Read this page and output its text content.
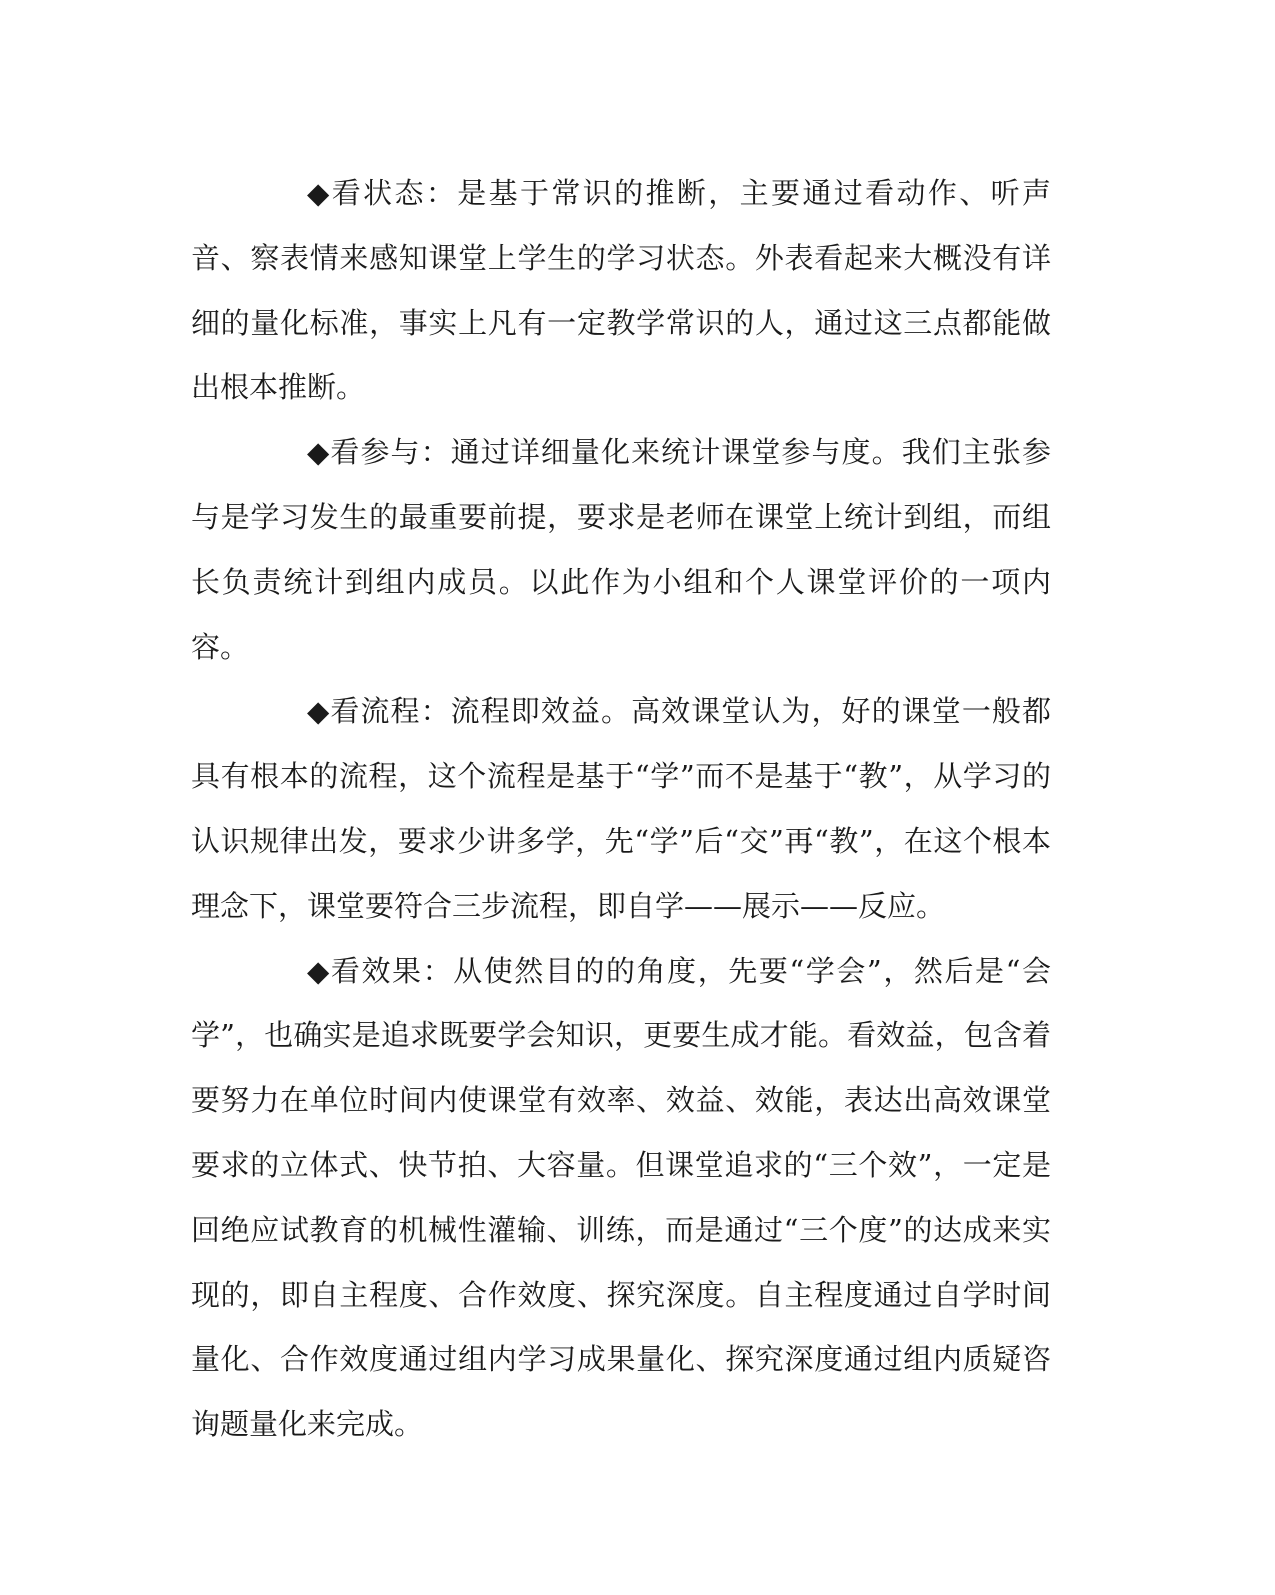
◆看状态：是基于常识的推断，主要通过看动作、听声音、察表情来感知课堂上学生的学习状态。外表看起来大概没有详细的量化标准，事实上凡有一定教学常识的人，通过这三点都能做出根本推断。

◆看参与：通过详细量化来统计课堂参与度。我们主张参与是学习发生的最重要前提，要求是老师在课堂上统计到组，而组长负责统计到组内成员。以此作为小组和个人课堂评价的一项内容。

◆看流程：流程即效益。高效课堂认为，好的课堂一般都具有根本的流程，这个流程是基于“学”而不是基于“教”，从学习的认识规律出发，要求少讲多学，先“学”后“交”再“教”，在这个根本理念下，课堂要符合三步流程，即自学——展示——反应。

◆看效果：从使然目的的角度，先要“学会”，然后是“会学”，也确实是追求既要学会知识，更要生成才能。看效益，包含着要努力在单位时间内使课堂有效率、效益、效能，表达出高效课堂要求的立体式、快节拍、大容量。但课堂追求的“三个效”，一定是回绝应试教育的机械性灌输、训练，而是通过“三个度”的达成来实现的，即自主程度、合作效度、探究深度。自主程度通过自学时间量化、合作效度通过组内学习成果量化、探究深度通过组内质疑咨询题量化来完成。
